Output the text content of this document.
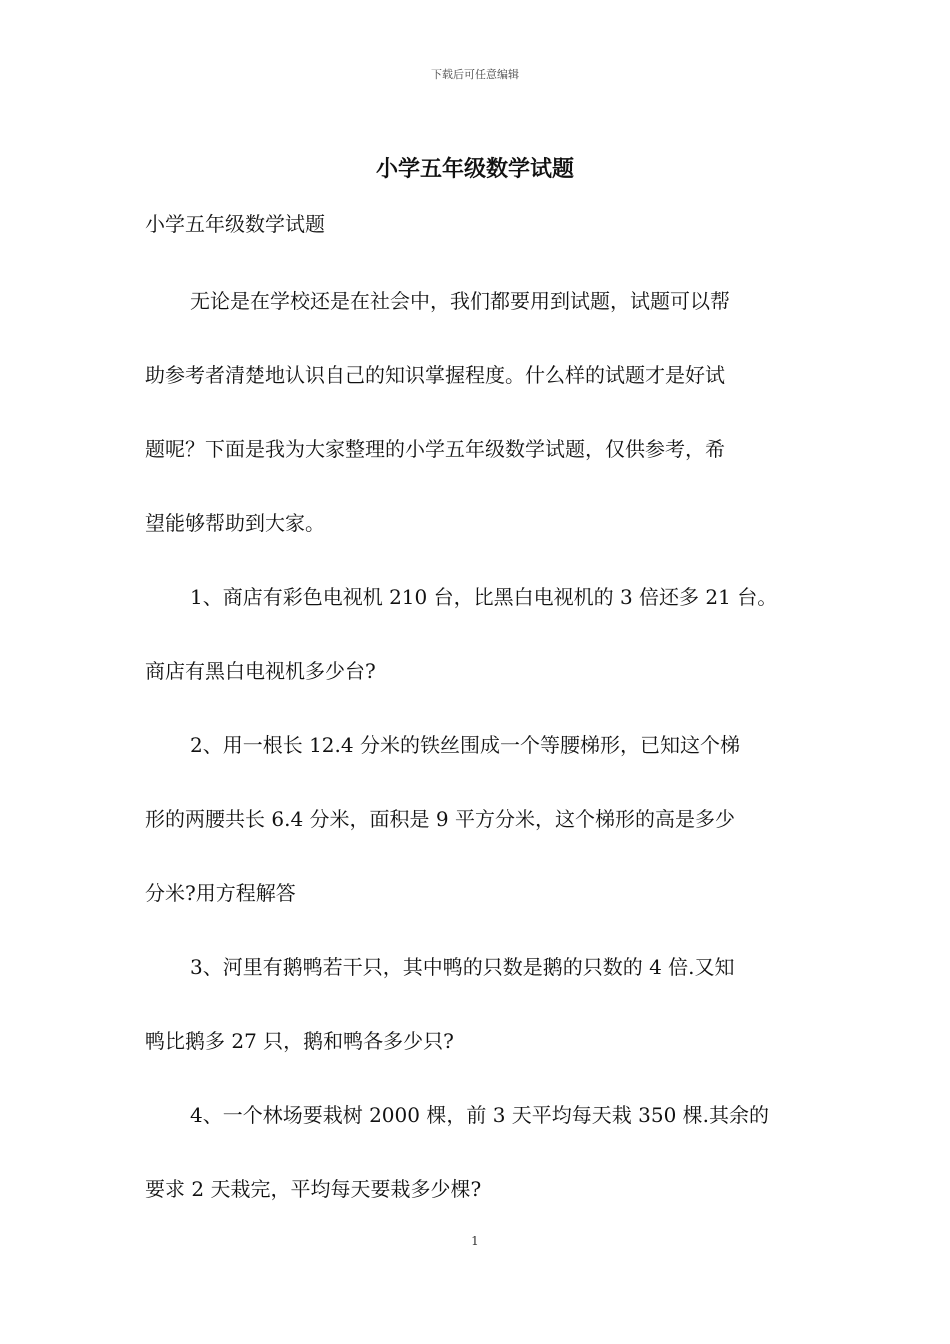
下载后可任意编辑
小学五年级数学试题

小学五年级数学试题

无论是在学校还是在社会中，我们都要用到试题，试题可以帮
助参考者清楚地认识自己的知识掌握程度。什么样的试题才是好试
题呢？下面是我为大家整理的小学五年级数学试题，仅供参考，希
望能够帮助到大家。

1、商店有彩色电视机 210 台，比黑白电视机的 3 倍还多 21 台。
商店有黑白电视机多少台?

2、用一根长 12.4 分米的铁丝围成一个等腰梯形，已知这个梯
形的两腰共长 6.4 分米，面积是 9 平方分米，这个梯形的高是多少
分米?用方程解答

3、河里有鹅鸭若干只，其中鸭的只数是鹅的只数的 4 倍.又知
鸭比鹅多 27 只，鹅和鸭各多少只?

4、一个林场要栽树 2000 棵，前 3 天平均每天栽 350 棵.其余的
要求 2 天栽完，平均每天要栽多少棵?

1
